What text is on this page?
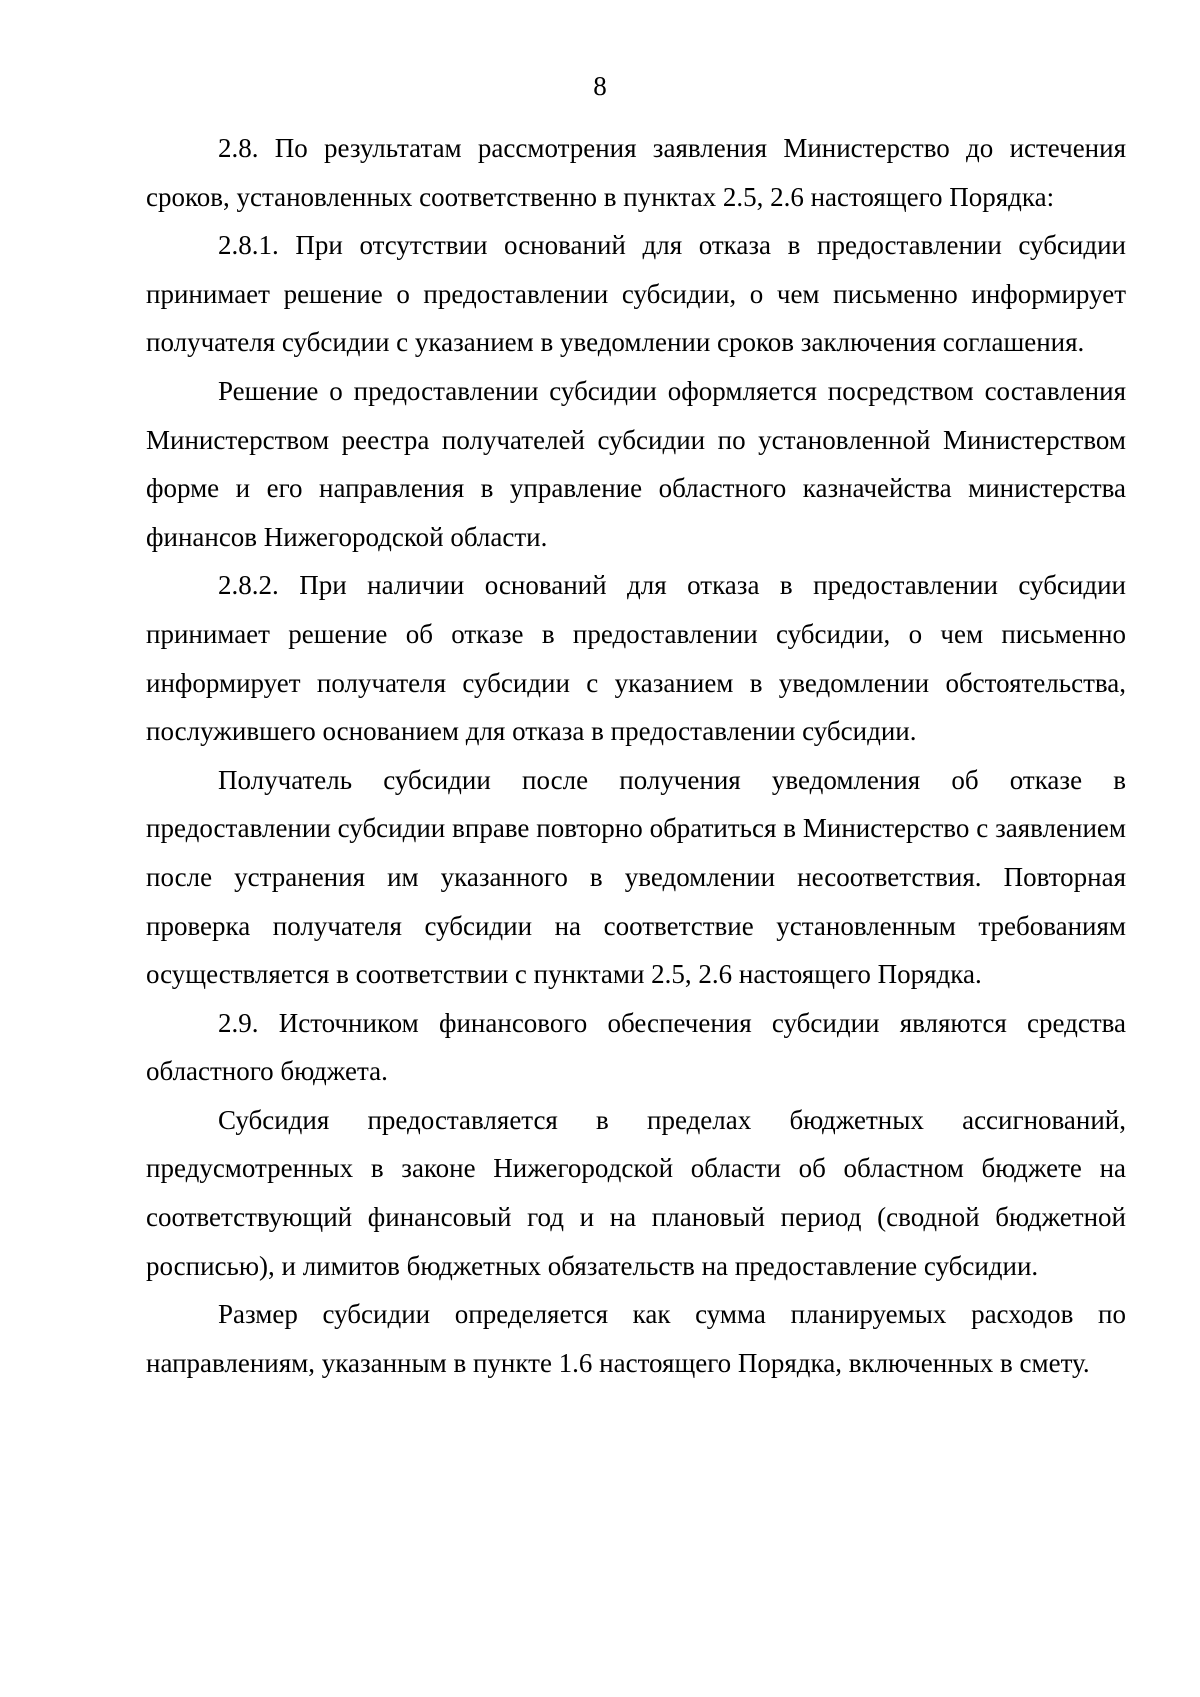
8

2.8. По результатам рассмотрения заявления Министерство до истечения сроков, установленных соответственно в пунктах 2.5, 2.6 настоящего Порядка:

2.8.1. При отсутствии оснований для отказа в предоставлении субсидии принимает решение о предоставлении субсидии, о чем письменно информирует получателя субсидии с указанием в уведомлении сроков заключения соглашения.

Решение о предоставлении субсидии оформляется посредством составления Министерством реестра получателей субсидии по установленной Министерством форме и его направления в управление областного казначейства министерства финансов Нижегородской области.

2.8.2. При наличии оснований для отказа в предоставлении субсидии принимает решение об отказе в предоставлении субсидии, о чем письменно информирует получателя субсидии с указанием в уведомлении обстоятельства, послужившего основанием для отказа в предоставлении субсидии.

Получатель субсидии после получения уведомления об отказе в предоставлении субсидии вправе повторно обратиться в Министерство с заявлением после устранения им указанного в уведомлении несоответствия. Повторная проверка получателя субсидии на соответствие установленным требованиям осуществляется в соответствии с пунктами 2.5, 2.6 настоящего Порядка.

2.9. Источником финансового обеспечения субсидии являются средства областного бюджета.

Субсидия предоставляется в пределах бюджетных ассигнований, предусмотренных в законе Нижегородской области об областном бюджете на соответствующий финансовый год и на плановый период (сводной бюджетной росписью), и лимитов бюджетных обязательств на предоставление субсидии.

Размер субсидии определяется как сумма планируемых расходов по направлениям, указанным в пункте 1.6 настоящего Порядка, включенных в смету.
